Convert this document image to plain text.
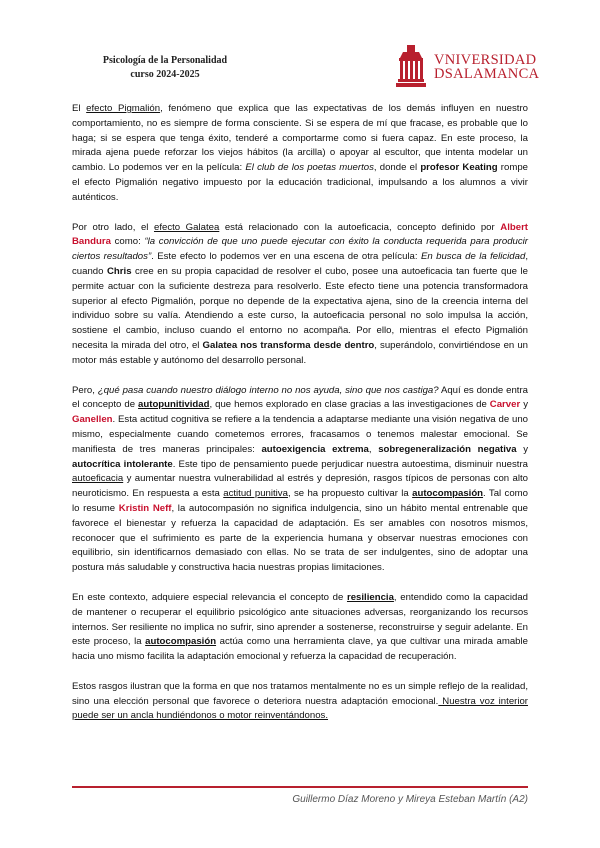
Psicología de la Personalidad
curso 2024-2025
VNIVERSIDAD
DSALAMANCA

El efecto Pigmalión, fenómeno que explica que las expectativas de los demás influyen en nuestro comportamiento, no es siempre de forma consciente. Si se espera de mí que fracase, es probable que lo haga; si se espera que tenga éxito, tenderé a comportarme como si fuera capaz. En este proceso, la mirada ajena puede reforzar los viejos hábitos (la arcilla) o apoyar al escultor, que intenta modelar un cambio. Lo podemos ver en la película: El club de los poetas muertos, donde el profesor Keating rompe el efecto Pigmalión negativo impuesto por la educación tradicional, impulsando a los alumnos a vivir auténticos.

Por otro lado, el efecto Galatea está relacionado con la autoeficacia, concepto definido por Albert Bandura como: “la convicción de que uno puede ejecutar con éxito la conducta requerida para producir ciertos resultados”. Este efecto lo podemos ver en una escena de otra película: En busca de la felicidad, cuando Chris cree en su propia capacidad de resolver el cubo, posee una autoeficacia tan fuerte que le permite actuar con la suficiente destreza para resolverlo. Este efecto tiene una potencia transformadora superior al efecto Pigmalión, porque no depende de la expectativa ajena, sino de la creencia interna del individuo sobre su valía. Atendiendo a este curso, la autoeficacia personal no solo impulsa la acción, sostiene el cambio, incluso cuando el entorno no acompaña. Por ello, mientras el efecto Pigmalión necesita la mirada del otro, el Galatea nos transforma desde dentro, superándolo, convirtiéndose en un motor más estable y autónomo del desarrollo personal.

Pero, ¿qué pasa cuando nuestro diálogo interno no nos ayuda, sino que nos castiga? Aquí es donde entra el concepto de autopunitividad, que hemos explorado en clase gracias a las investigaciones de Carver y Ganellen. Esta actitud cognitiva se refiere a la tendencia a adaptarse mediante una visión negativa de uno mismo, especialmente cuando cometemos errores, fracasamos o tenemos malestar emocional. Se manifiesta de tres maneras principales: autoexigencia extrema, sobregeneralización negativa y autocrítica intolerante. Este tipo de pensamiento puede perjudicar nuestra autoestima, disminuir nuestra autoeficacia y aumentar nuestra vulnerabilidad al estrés y depresión, rasgos típicos de personas con alto neuroticismo. En respuesta a esta actitud punitiva, se ha propuesto cultivar la autocompasión. Tal como lo resume Kristin Neff, la autocompasión no significa indulgencia, sino un hábito mental entrenable que favorece el bienestar y refuerza la capacidad de adaptación. Es ser amables con nosotros mismos, reconocer que el sufrimiento es parte de la experiencia humana y observar nuestras emociones con equilibrio, sin identificarnos demasiado con ellas. No se trata de ser indulgentes, sino de adoptar una postura más saludable y constructiva hacia nuestras propias limitaciones.

En este contexto, adquiere especial relevancia el concepto de resiliencia, entendido como la capacidad de mantener o recuperar el equilibrio psicológico ante situaciones adversas, reorganizando los recursos internos. Ser resiliente no implica no sufrir, sino aprender a sostenerse, reconstruirse y seguir adelante. En este proceso, la autocompasión actúa como una herramienta clave, ya que cultivar una mirada amable hacia uno mismo facilita la adaptación emocional y refuerza la capacidad de recuperación.

Estos rasgos ilustran que la forma en que nos tratamos mentalmente no es un simple reflejo de la realidad, sino una elección personal que favorece o deteriora nuestra adaptación emocional. Nuestra voz interior puede ser un ancla hundiéndonos o motor reinventándonos.

Guillermo Díaz Moreno y Mireya Esteban Martín (A2)
